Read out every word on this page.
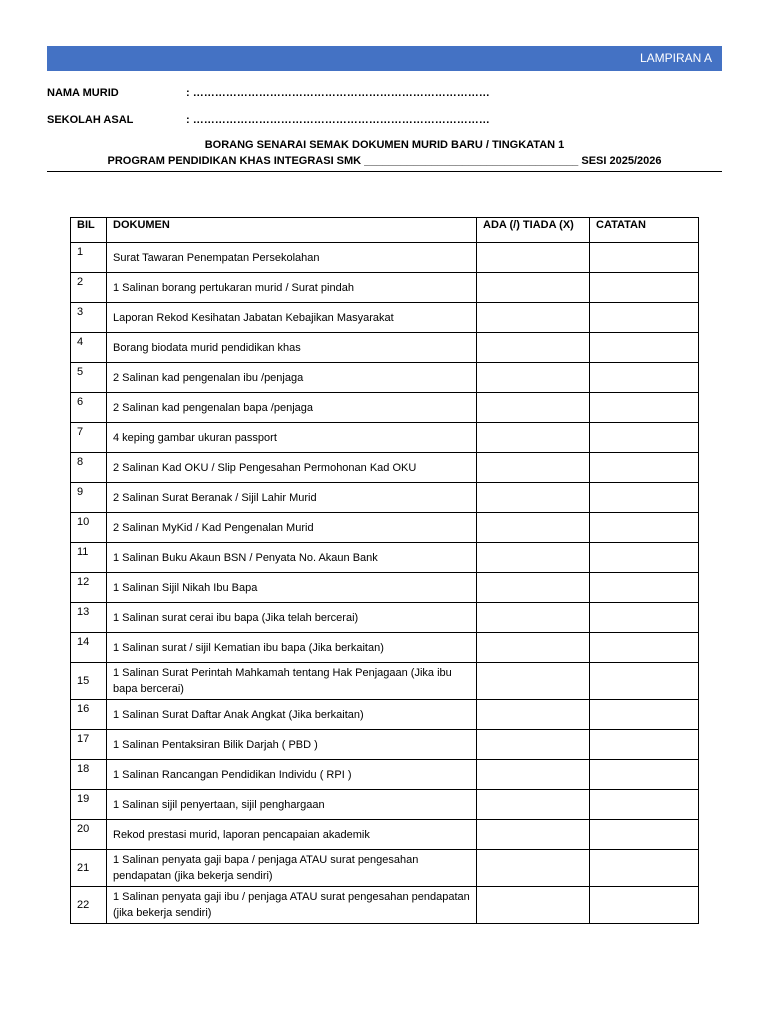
LAMPIRAN A
NAMA MURID	: ………………………………………………………………………
SEKOLAH ASAL	: ………………………………………………………………………
BORANG SENARAI SEMAK DOKUMEN MURID BARU / TINGKATAN 1
PROGRAM PENDIDIKAN KHAS INTEGRASI SMK ___________________________________ SESI 2025/2026
BIL	DOKUMEN	ADA (/) TIADA (X)	CATATAN
1	Surat Tawaran Penempatan Persekolahan		
2	1 Salinan borang pertukaran murid / Surat pindah		
3	Laporan Rekod Kesihatan Jabatan Kebajikan Masyarakat		
4	Borang biodata murid pendidikan khas		
5	2 Salinan kad pengenalan ibu /penjaga		
6	2 Salinan kad pengenalan bapa /penjaga		
7	4 keping gambar ukuran passport		
8	2 Salinan Kad OKU / Slip Pengesahan Permohonan Kad OKU		
9	2 Salinan Surat Beranak / Sijil Lahir Murid		
10	2 Salinan MyKid / Kad Pengenalan Murid		
11	1 Salinan Buku Akaun BSN / Penyata No. Akaun Bank		
12	1 Salinan Sijil Nikah Ibu Bapa		
13	1 Salinan surat cerai ibu bapa (Jika telah bercerai)		
14	1 Salinan surat / sijil Kematian ibu bapa (Jika berkaitan)		
15	1 Salinan Surat Perintah Mahkamah tentang Hak Penjagaan (Jika ibu bapa bercerai)		
16	1 Salinan Surat Daftar Anak Angkat (Jika berkaitan)		
17	1 Salinan Pentaksiran Bilik Darjah ( PBD )		
18	1 Salinan Rancangan Pendidikan Individu ( RPI )		
19	1 Salinan sijil penyertaan, sijil penghargaan		
20	Rekod prestasi murid, laporan pencapaian akademik		
21	1 Salinan penyata gaji bapa / penjaga ATAU surat pengesahan pendapatan (jika bekerja sendiri)		
22	1 Salinan penyata gaji ibu / penjaga ATAU surat pengesahan pendapatan (jika bekerja sendiri)		
